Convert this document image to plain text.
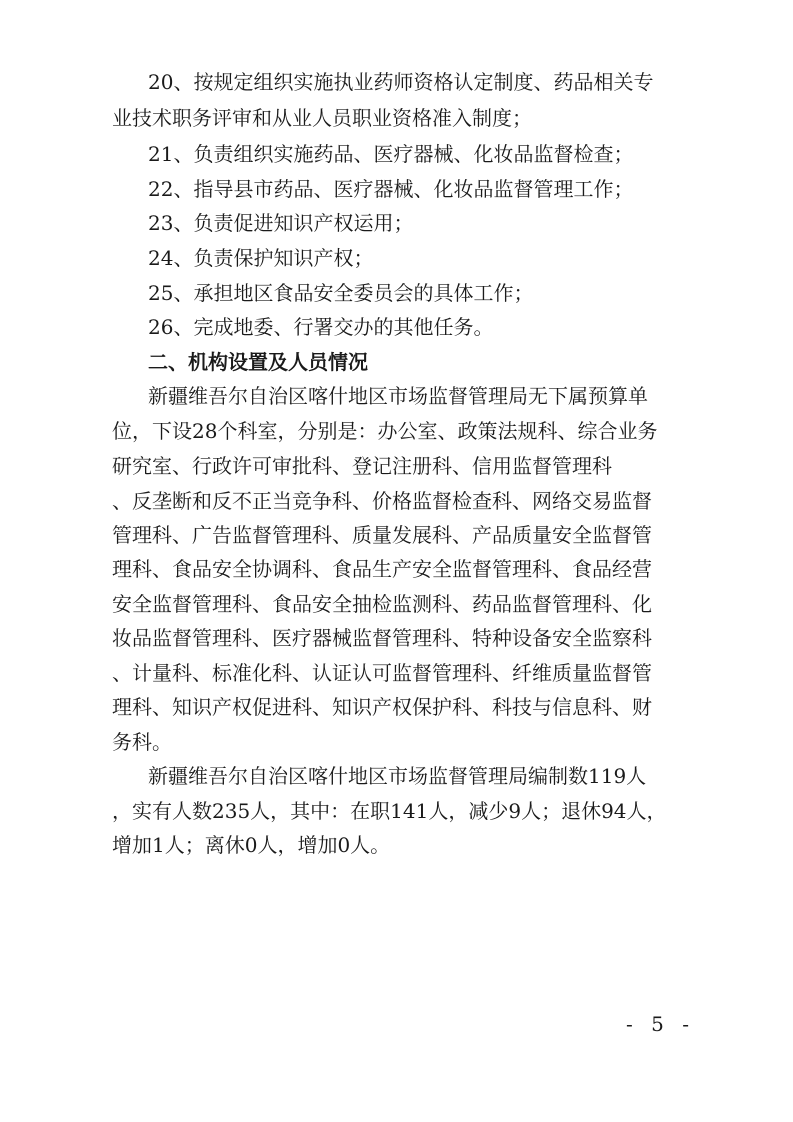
20、按规定组织实施执业药师资格认定制度、药品相关专
业技术职务评审和从业人员职业资格准入制度；
21、负责组织实施药品、医疗器械、化妆品监督检查；
22、指导县市药品、医疗器械、化妆品监督管理工作；
23、负责促进知识产权运用；
24、负责保护知识产权；
25、承担地区食品安全委员会的具体工作；
26、完成地委、行署交办的其他任务。
二、机构设置及人员情况
新疆维吾尔自治区喀什地区市场监督管理局无下属预算单
位，下设28个科室，分别是：办公室、政策法规科、综合业务
研究室、行政许可审批科、登记注册科、信用监督管理科
、反垄断和反不正当竞争科、价格监督检查科、网络交易监督
管理科、广告监督管理科、质量发展科、产品质量安全监督管
理科、食品安全协调科、食品生产安全监督管理科、食品经营
安全监督管理科、食品安全抽检监测科、药品监督管理科、化
妆品监督管理科、医疗器械监督管理科、特种设备安全监察科
、计量科、标准化科、认证认可监督管理科、纤维质量监督管
理科、知识产权促进科、知识产权保护科、科技与信息科、财
务科。
新疆维吾尔自治区喀什地区市场监督管理局编制数119人
，实有人数235人，其中：在职141人，减少9人；退休94人，
增加1人；离休0人，增加0人。
- 5 -
